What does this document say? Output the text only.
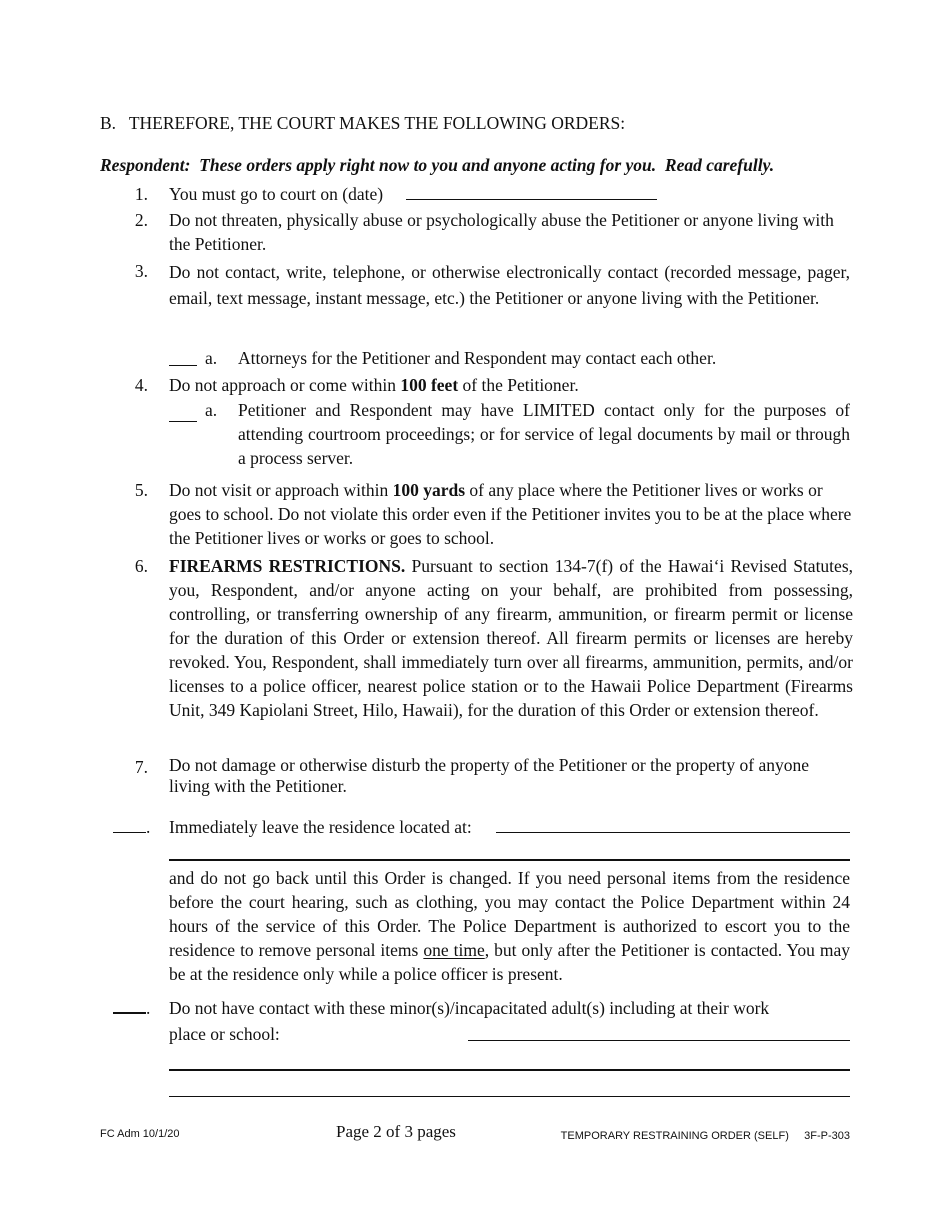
B.   THEREFORE, THE COURT MAKES THE FOLLOWING ORDERS:
Respondent:  These orders apply right now to you and anyone acting for you.  Read carefully.
1. You must go to court on (date)
2. Do not threaten, physically abuse or psychologically abuse the Petitioner or anyone living with the Petitioner.
3. Do not contact, write, telephone, or otherwise electronically contact (recorded message, pager, email, text message, instant message, etc.) the Petitioner or anyone living with the Petitioner.
a. Attorneys for the Petitioner and Respondent may contact each other.
4. Do not approach or come within 100 feet of the Petitioner.
a. Petitioner and Respondent may have LIMITED contact only for the purposes of attending courtroom proceedings; or for service of legal documents by mail or through a process server.
5. Do not visit or approach within 100 yards of any place where the Petitioner lives or works or goes to school. Do not violate this order even if the Petitioner invites you to be at the place where the Petitioner lives or works or goes to school.
6. FIREARMS RESTRICTIONS. Pursuant to section 134-7(f) of the Hawai‘i Revised Statutes, you, Respondent, and/or anyone acting on your behalf, are prohibited from possessing, controlling, or transferring ownership of any firearm, ammunition, or firearm permit or license for the duration of this Order or extension thereof. All firearm permits or licenses are hereby revoked. You, Respondent, shall immediately turn over all firearms, ammunition, permits, and/or licenses to a police officer, nearest police station or to the Hawaii Police Department (Firearms Unit, 349 Kapiolani Street, Hilo, Hawaii), for the duration of this Order or extension thereof.
7. Do not damage or otherwise disturb the property of the Petitioner or the property of anyone living with the Petitioner.
. Immediately leave the residence located at:
and do not go back until this Order is changed. If you need personal items from the residence before the court hearing, such as clothing, you may contact the Police Department within 24 hours of the service of this Order. The Police Department is authorized to escort you to the residence to remove personal items one time, but only after the Petitioner is contacted. You may be at the residence only while a police officer is present.
. Do not have contact with these minor(s)/incapacitated adult(s) including at their work
place or school:
FC Adm 10/1/20	Page 2 of 3 pages	TEMPORARY RESTRAINING ORDER (SELF)     3F-P-303
